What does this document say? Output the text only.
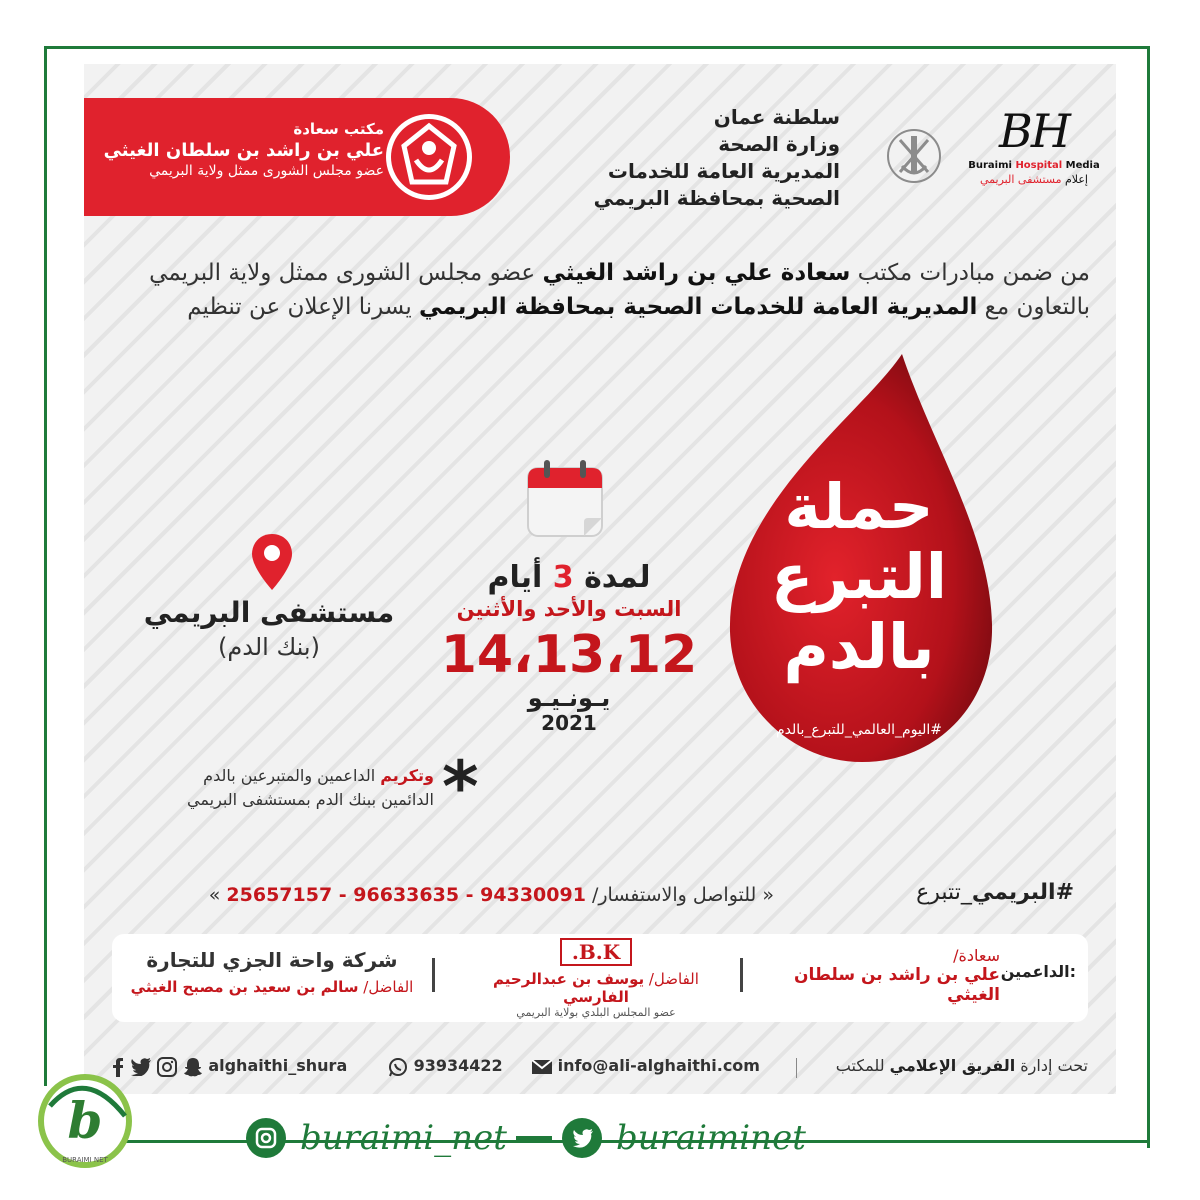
مكتب سعادة
علي بن راشد بن سلطان الغيثي
عضو مجلس الشورى ممثل ولاية البريمي
سلطنة عمان
وزارة الصحة
المديرية العامة للخدمات
الصحية بمحافظة البريمي
BH
Buraimi Hospital Media
إعلام مستشفى البريمي
من ضمن مبادرات مكتب سعادة علي بن راشد الغيثي عضو مجلس الشورى ممثل ولاية البريمي بالتعاون مع المديرية العامة للخدمات الصحية بمحافظة البريمي يسرنا الإعلان عن تنظيم
حملة
التبرع
بالدم
#اليوم_العالمي_للتبرع_بالدم
لمدة 3 أيام
السبت والأحد والأثنين
14،13،12
يـونـيـو
2021
مستشفى البريمي
(بنك الدم)
وتكريم الداعمين والمتبرعين بالدم
الدائمين ببنك الدم بمستشفى البريمي *
« للتواصل والاستفسار/ 25657157 - 96633635 - 94330091 »	#البريمي_تتبرع
الداعمين:
سعادة/
علي بن راشد بن سلطان الغيثي
B.K.
الفاضل/ يوسف بن عبدالرحيم الفارسي
عضو المجلس البلدي بولاية البريمي
شركة واحة الجزي للتجارة
الفاضل/ سالم بن سعيد بن مصبح الغيثي
تحت إدارة الفريق الإعلامي للمكتب
info@ali-alghaithi.com
93934422
alghaithi_shura
b
BURAIMI NET
buraimi_net	buraiminet
